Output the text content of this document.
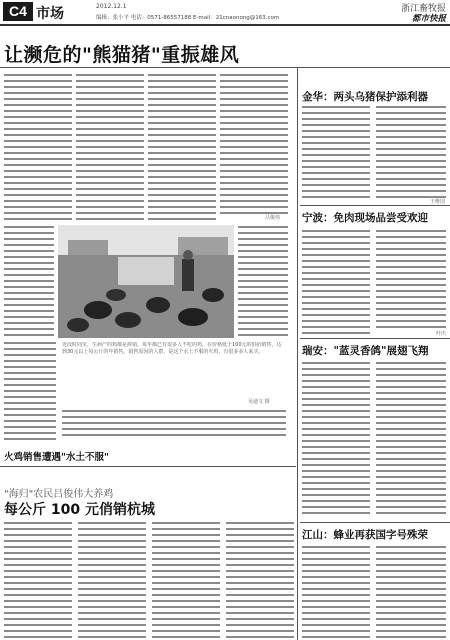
C4 市场	2012.12.1
编辑：张小平 电话：0571-86557188 E-mail：21cnaonong@163.com
浙江畜牧报
都市快报
让濒危的"熊猫猪"重振雄风
吕俊伟
近段时间里，生病产的鸡都是滞销，每年都已有很多人不吃的鸡，在价格低于100元的供给销售，达到30元以上每公斤的年销售。销售原因的人群，是这个水土不服的火鸡，有很多多人来买。
吴迪文 摄
火鸡销售遭遇"水土不服"
"海归"农民吕俊伟大养鸡
每公斤 100 元俏销杭城
金华：两头乌猪保护添利器
王维国
宁波：免肉现场品尝受欢迎
叶庆
瑞安："蓝灵香鸽"展翅飞翔
江山：蜂业再获国字号殊荣
